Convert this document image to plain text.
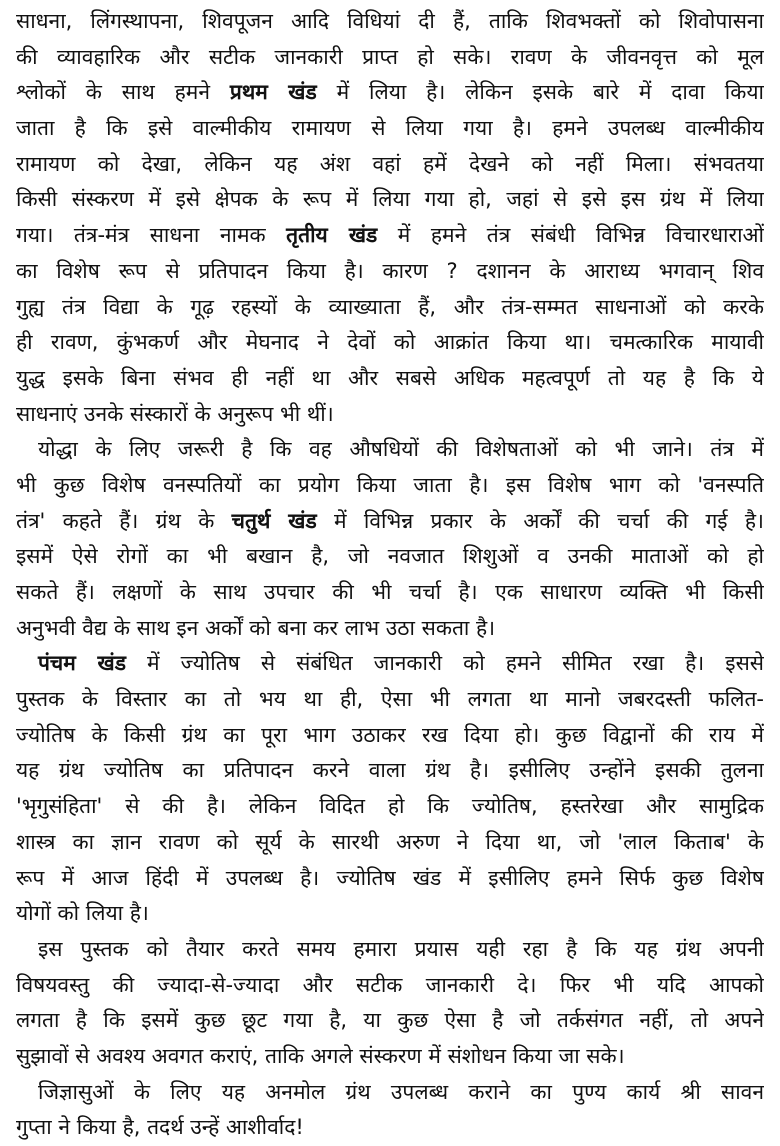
साधना, लिंगस्थापना, शिवपूजन आदि विधियां दी हैं, ताकि शिवभक्तों को शिवोपासना
की व्यावहारिक और सटीक जानकारी प्राप्त हो सके। रावण के जीवनवृत्त को मूल
श्लोकों के साथ हमने प्रथम खंड में लिया है। लेकिन इसके बारे में दावा किया
जाता है कि इसे वाल्मीकीय रामायण से लिया गया है। हमने उपलब्ध वाल्मीकीय
रामायण को देखा, लेकिन यह अंश वहां हमें देखने को नहीं मिला। संभवतया
किसी संस्करण में इसे क्षेपक के रूप में लिया गया हो, जहां से इसे इस ग्रंथ में लिया
गया। तंत्र-मंत्र साधना नामक तृतीय खंड में हमने तंत्र संबंधी विभिन्न विचारधाराओं
का विशेष रूप से प्रतिपादन किया है। कारण ? दशानन के आराध्य भगवान् शिव
गुह्य तंत्र विद्या के गूढ़ रहस्यों के व्याख्याता हैं, और तंत्र-सम्मत साधनाओं को करके
ही रावण, कुंभकर्ण और मेघनाद ने देवों को आक्रांत किया था। चमत्कारिक मायावी
युद्ध इसके बिना संभव ही नहीं था और सबसे अधिक महत्वपूर्ण तो यह है कि ये
साधनाएं उनके संस्कारों के अनुरूप भी थीं।
योद्धा के लिए जरूरी है कि वह औषधियों की विशेषताओं को भी जाने। तंत्र में
भी कुछ विशेष वनस्पतियों का प्रयोग किया जाता है। इस विशेष भाग को 'वनस्पति
तंत्र' कहते हैं। ग्रंथ के चतुर्थ खंड में विभिन्न प्रकार के अर्कों की चर्चा की गई है।
इसमें ऐसे रोगों का भी बखान है, जो नवजात शिशुओं व उनकी माताओं को हो
सकते हैं। लक्षणों के साथ उपचार की भी चर्चा है। एक साधारण व्यक्ति भी किसी
अनुभवी वैद्य के साथ इन अर्कों को बना कर लाभ उठा सकता है।
पंचम खंड में ज्योतिष से संबंधित जानकारी को हमने सीमित रखा है। इससे
पुस्तक के विस्तार का तो भय था ही, ऐसा भी लगता था मानो जबरदस्ती फलित-
ज्योतिष के किसी ग्रंथ का पूरा भाग उठाकर रख दिया हो। कुछ विद्वानों की राय में
यह ग्रंथ ज्योतिष का प्रतिपादन करने वाला ग्रंथ है। इसीलिए उन्होंने इसकी तुलना
'भृगुसंहिता' से की है। लेकिन विदित हो कि ज्योतिष, हस्तरेखा और सामुद्रिक
शास्त्र का ज्ञान रावण को सूर्य के सारथी अरुण ने दिया था, जो 'लाल किताब' के
रूप में आज हिंदी में उपलब्ध है। ज्योतिष खंड में इसीलिए हमने सिर्फ कुछ विशेष
योगों को लिया है।
इस पुस्तक को तैयार करते समय हमारा प्रयास यही रहा है कि यह ग्रंथ अपनी
विषयवस्तु की ज्यादा-से-ज्यादा और सटीक जानकारी दे। फिर भी यदि आपको
लगता है कि इसमें कुछ छूट गया है, या कुछ ऐसा है जो तर्कसंगत नहीं, तो अपने
सुझावों से अवश्य अवगत कराएं, ताकि अगले संस्करण में संशोधन किया जा सके।
जिज्ञासुओं के लिए यह अनमोल ग्रंथ उपलब्ध कराने का पुण्य कार्य श्री सावन
गुप्ता ने किया है, तदर्थ उन्हें आशीर्वाद!
